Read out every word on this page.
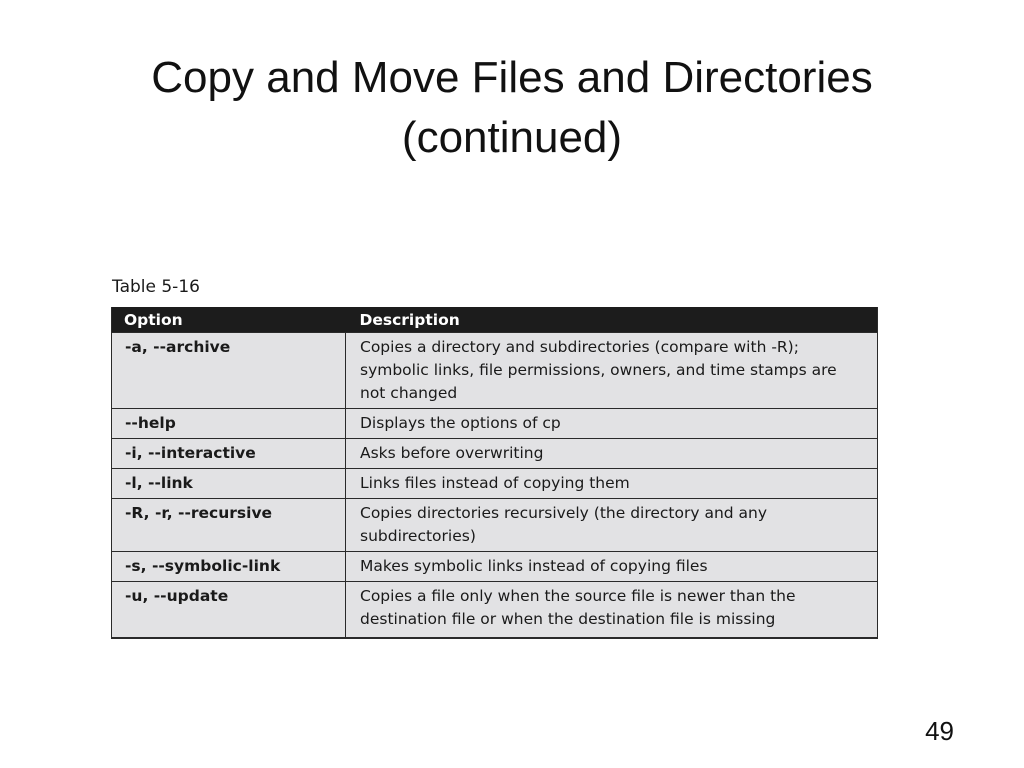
Copy and Move Files and Directories
(continued)
Table 5-16
Option	Description
-a, --archive	Copies a directory and subdirectories (compare with -R); symbolic links, file permissions, owners, and time stamps are not changed
--help	Displays the options of cp
-i, --interactive	Asks before overwriting
-l, --link	Links files instead of copying them
-R, -r, --recursive	Copies directories recursively (the directory and any subdirectories)
-s, --symbolic-link	Makes symbolic links instead of copying files
-u, --update	Copies a file only when the source file is newer than the destination file or when the destination file is missing
49
